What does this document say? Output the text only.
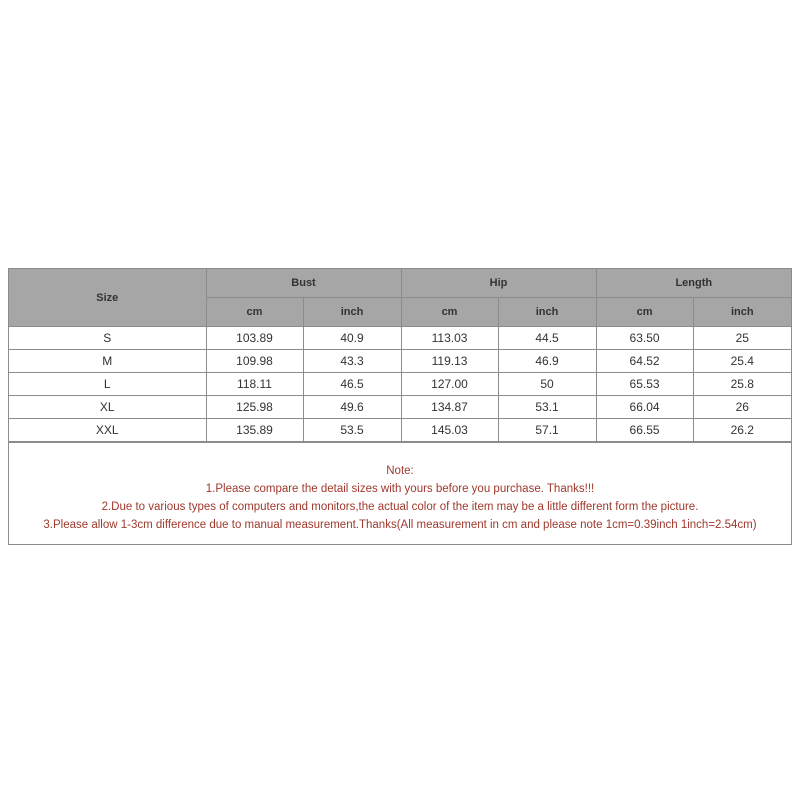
Size	Bust		Hip		Length	
	cm	inch	cm	inch	cm	inch
S	103.89	40.9	113.03	44.5	63.50	25
M	109.98	43.3	119.13	46.9	64.52	25.4
L	118.11	46.5	127.00	50	65.53	25.8
XL	125.98	49.6	134.87	53.1	66.04	26
XXL	135.89	53.5	145.03	57.1	66.55	26.2
Note:
1.Please compare the detail sizes with yours before you purchase. Thanks!!!
2.Due to various types of computers and monitors,the actual color of the item may be a little different form the picture.
3.Please allow 1-3cm difference due to manual measurement.Thanks(All measurement in cm and please note 1cm=0.39inch 1inch=2.54cm)
